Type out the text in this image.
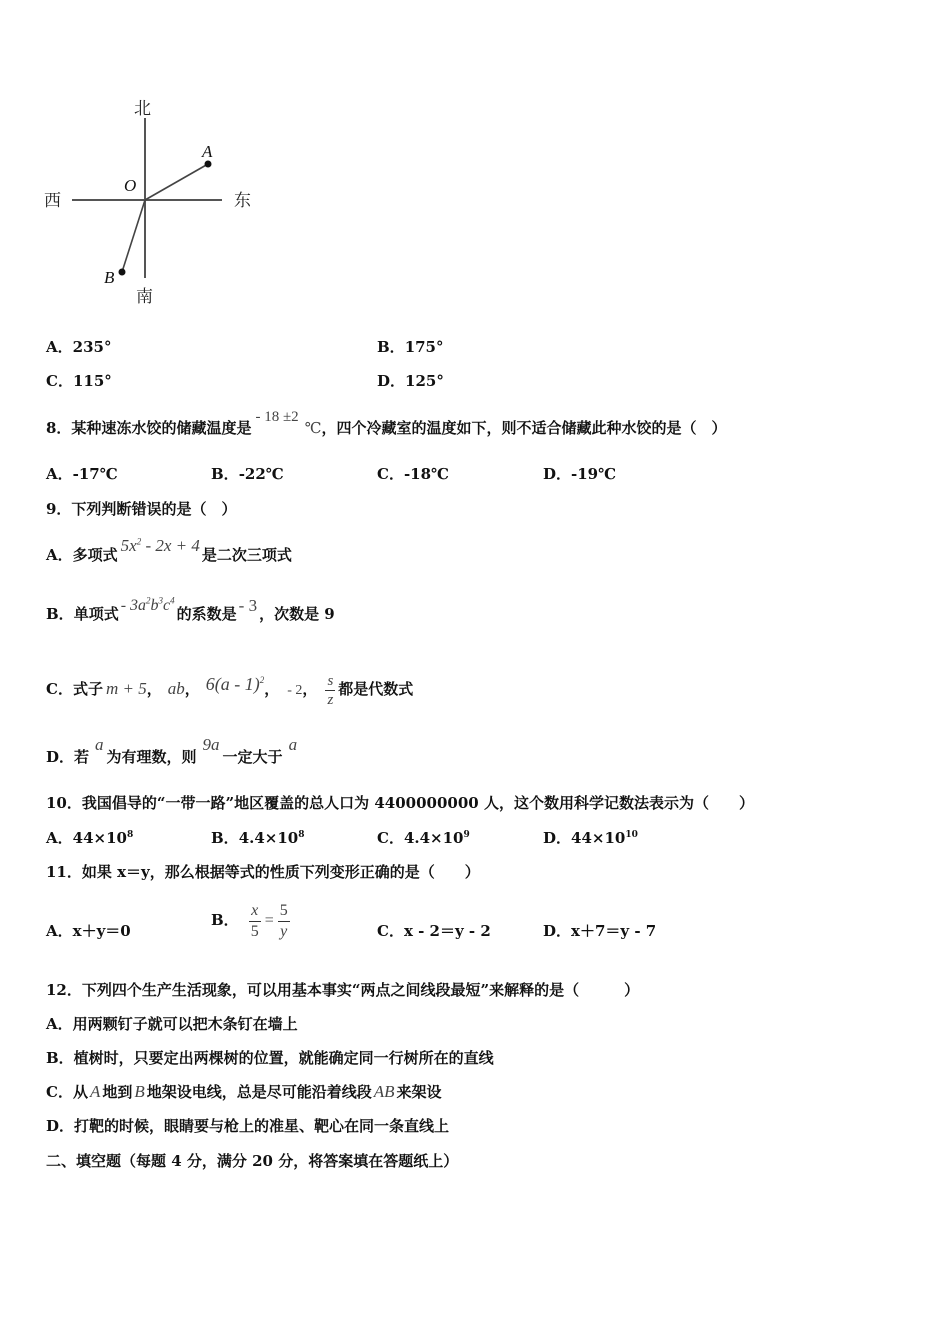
北
南
西	东
O
A
B
A．235°	B．175°
C．115°	D．125°
8．某种速冻水饺的储藏温度是- 18 ±2℃，四个冷藏室的温度如下，则不适合储藏此种水饺的是（　）
A．-17℃	B．-22℃	C．-18℃	D．-19℃
9．下列判断错误的是（　）
A．多项式 $5x^2 - 2x + 4$ 是二次三项式
B．单项式 - $3a^2b^3c^4$的系数是 - 3 ，次数是 9
C．式子 m + 5， ab， 6(a - 1)$^2$， - 2， $\frac{s}{z}$ 都是代数式
D．若a为有理数，则9a一定大于a
10．我国倡导的“一带一路”地区覆盖的总人口为 4400000000 人，这个数用科学记数法表示为（　　）
A．$44\times 10^8$	B．$4.4\times 10^8$	C．$4.4\times 10^9$	D．$44\times 10^{10}$
11．如果 x＝y，那么根据等式的性质下列变形正确的是（　　）
A．x＋y＝0
B． $\frac{x}{5} = \frac{5}{y}$	C．x - 2＝y - 2	D．x＋7＝y - 7
12．下列四个生产生活现象，可以用基本事实“两点之间线段最短”来解释的是（　　　）
A．用两颗钉子就可以把木条钉在墙上
B．植树时，只要定出两棵树的位置，就能确定同一行树所在的直线
C．从 A 地到 B 地架设电线，总是尽可能沿着线段 AB 来架设
D．打靶的时候，眼睛要与枪上的准星、靶心在同一条直线上
二、填空题（每题 4 分，满分 20 分，将答案填在答题纸上）
